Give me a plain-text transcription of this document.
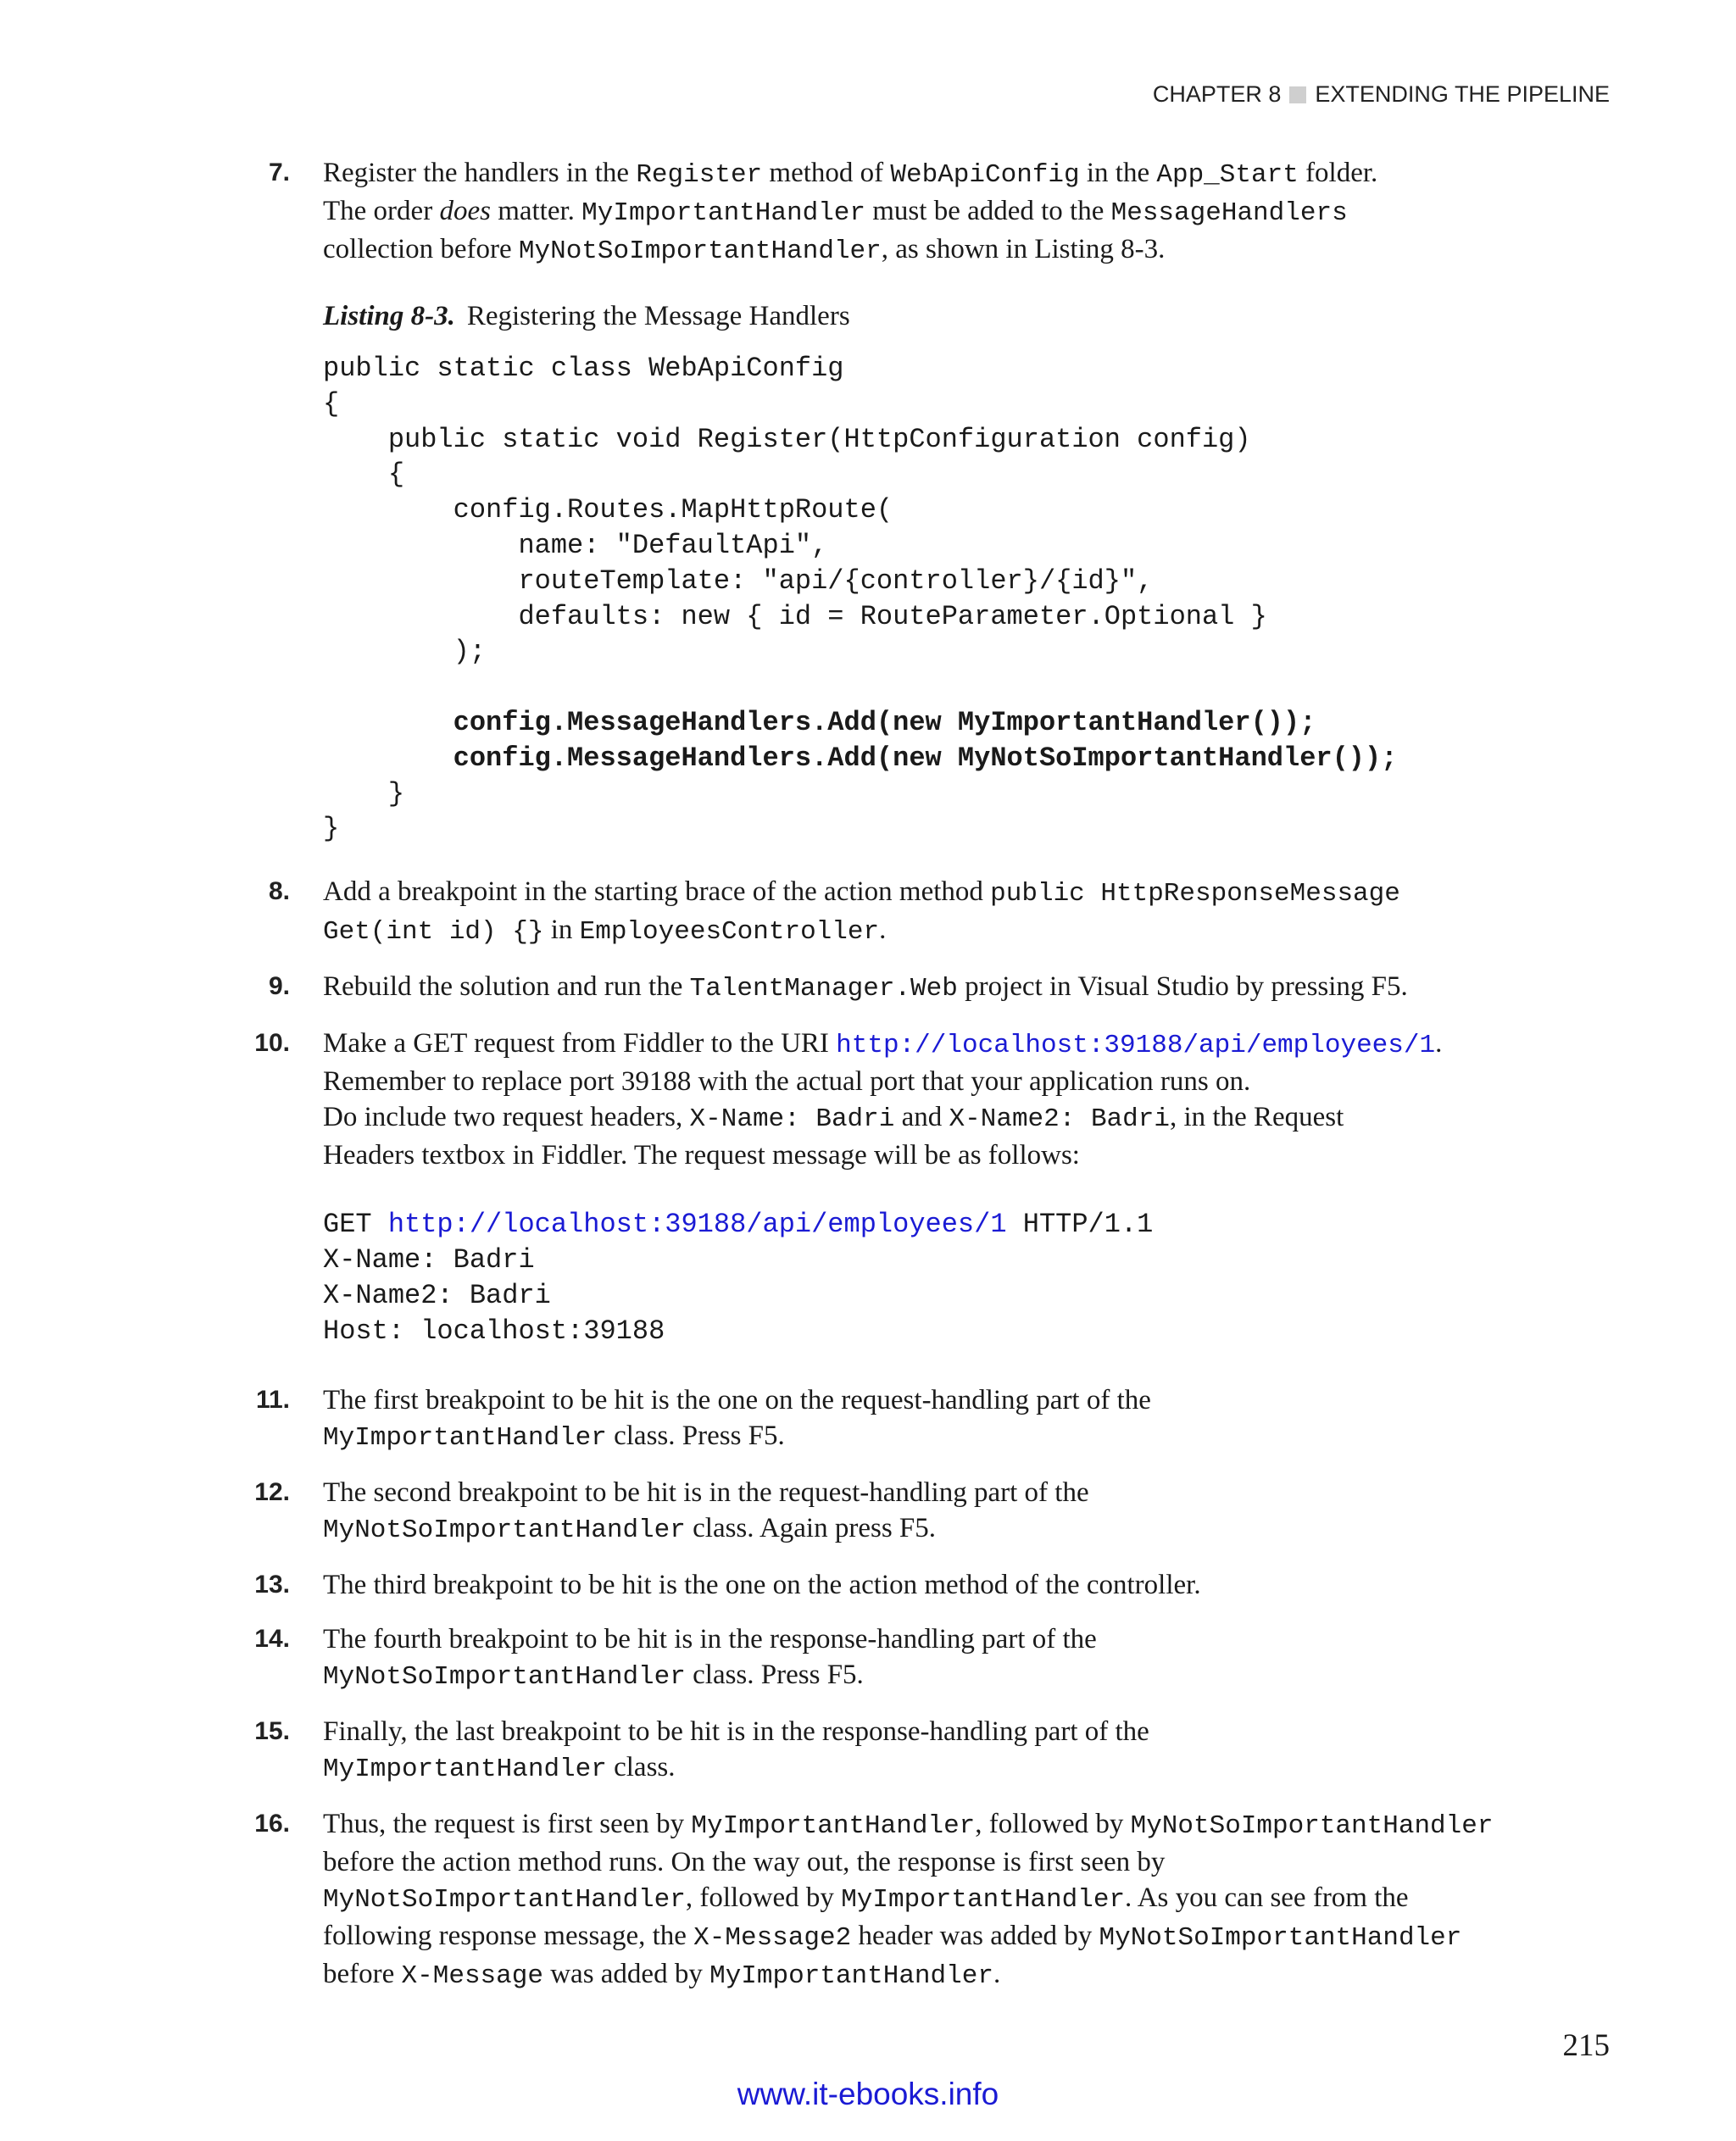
CHAPTER 8 EXTENDING THE PIPELINE
7. Register the handlers in the Register method of WebApiConfig in the App_Start folder.
The order does matter. MyImportantHandler must be added to the MessageHandlers
collection before MyNotSoImportantHandler, as shown in Listing 8-3.
Listing 8-3. Registering the Message Handlers
public static class WebApiConfig
{
public static void Register(HttpConfiguration config)
{
config.Routes.MapHttpRoute(
name: "DefaultApi",
routeTemplate: "api/{controller}/{id}",
defaults: new { id = RouteParameter.Optional }
);

config.MessageHandlers.Add(new MyImportantHandler());
config.MessageHandlers.Add(new MyNotSoImportantHandler());
}
}
8. Add a breakpoint in the starting brace of the action method public HttpResponseMessage
Get(int id) {} in EmployeesController.
9. Rebuild the solution and run the TalentManager.Web project in Visual Studio by pressing F5.
10. Make a GET request from Fiddler to the URI http://localhost:39188/api/employees/1.
Remember to replace port 39188 with the actual port that your application runs on.
Do include two request headers, X-Name: Badri and X-Name2: Badri, in the Request
Headers textbox in Fiddler. The request message will be as follows:
GET http://localhost:39188/api/employees/1 HTTP/1.1
X-Name: Badri
X-Name2: Badri
Host: localhost:39188
11. The first breakpoint to be hit is the one on the request-handling part of the
MyImportantHandler class. Press F5.
12. The second breakpoint to be hit is in the request-handling part of the
MyNotSoImportantHandler class. Again press F5.
13. The third breakpoint to be hit is the one on the action method of the controller.
14. The fourth breakpoint to be hit is in the response-handling part of the
MyNotSoImportantHandler class. Press F5.
15. Finally, the last breakpoint to be hit is in the response-handling part of the
MyImportantHandler class.
16. Thus, the request is first seen by MyImportantHandler, followed by MyNotSoImportantHandler
before the action method runs. On the way out, the response is first seen by
MyNotSoImportantHandler, followed by MyImportantHandler. As you can see from the
following response message, the X-Message2 header was added by MyNotSoImportantHandler
before X-Message was added by MyImportantHandler.
215
www.it-ebooks.info
